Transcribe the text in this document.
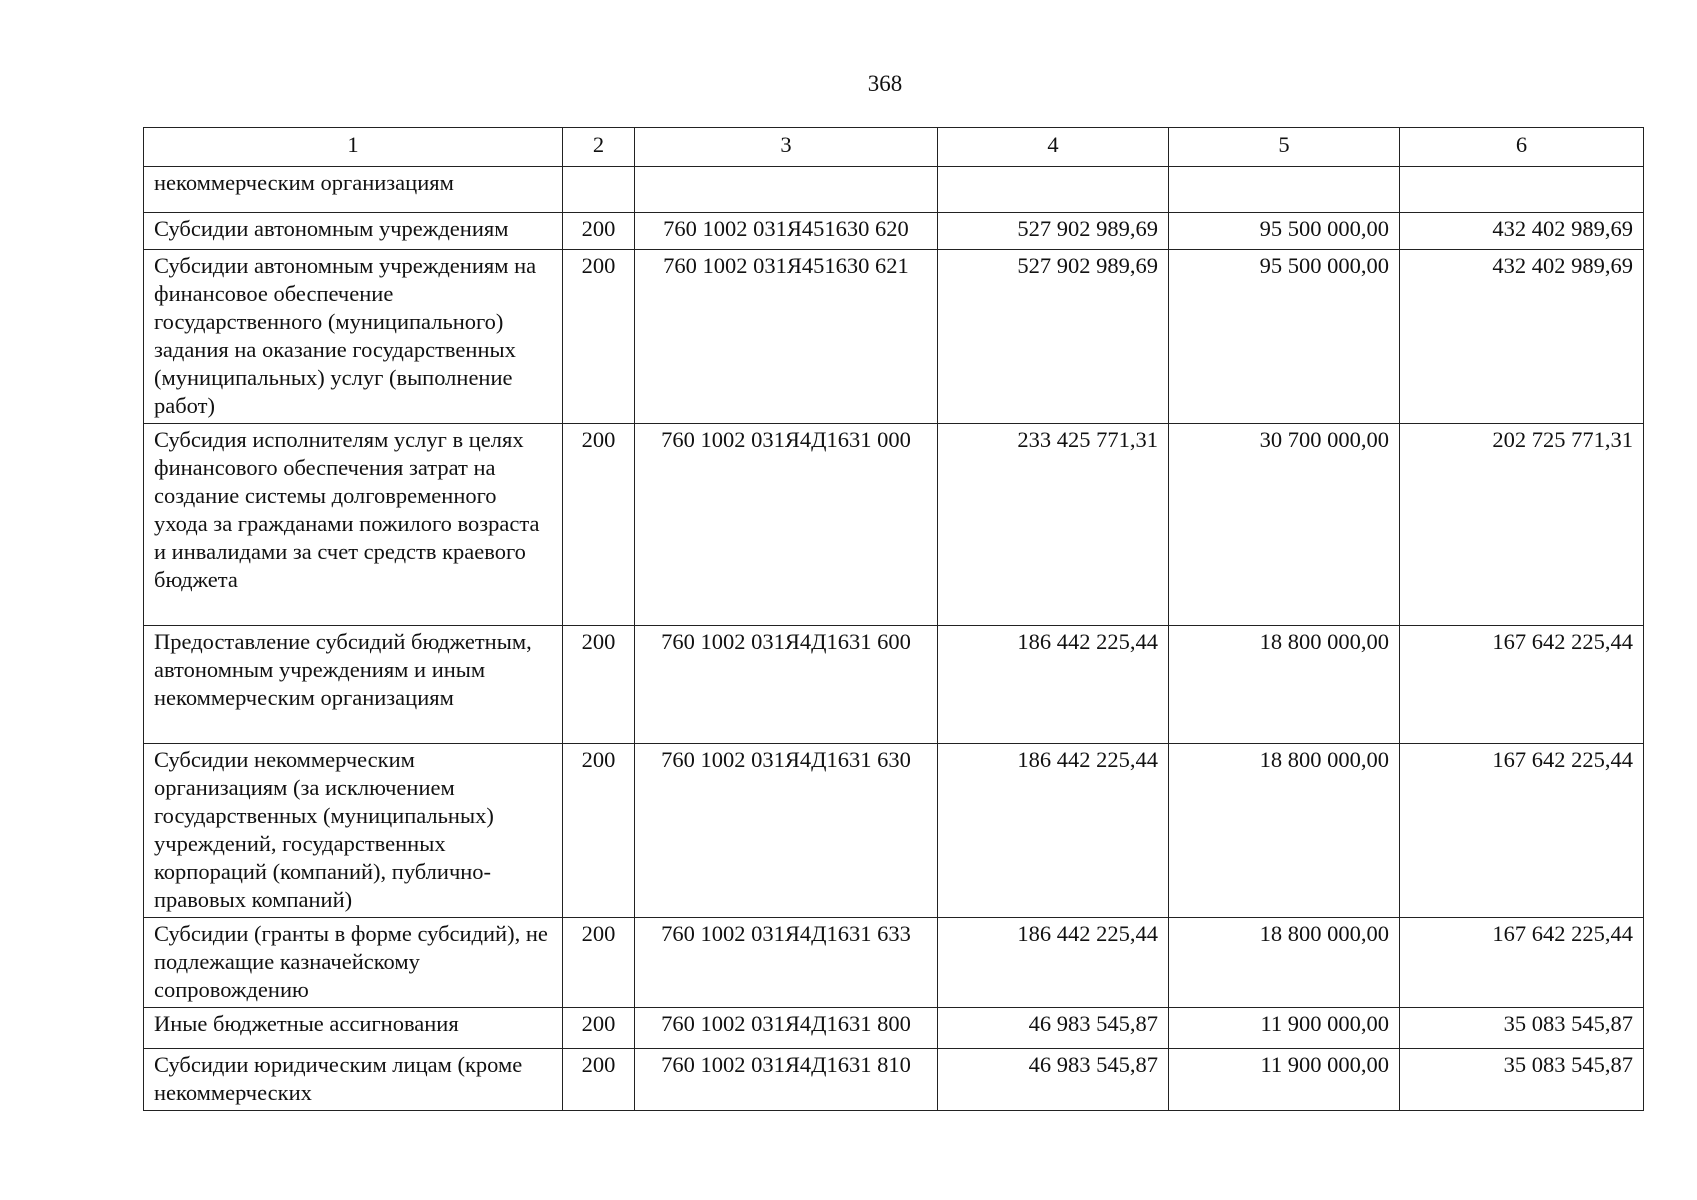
368
1	2	3	4	5	6
некоммерческим организациям					
Субсидии автономным учреждениям	200	760 1002 031Я451630 620	527 902 989,69	95 500 000,00	432 402 989,69
Субсидии автономным учреждениям на финансовое обеспечение государственного (муниципального) задания на оказание государственных (муниципальных) услуг (выполнение работ)	200	760 1002 031Я451630 621	527 902 989,69	95 500 000,00	432 402 989,69
Субсидия исполнителям услуг в целях финансового обеспечения затрат на создание системы долговременного ухода за гражданами пожилого возраста и инвалидами за счет средств краевого бюджета	200	760 1002 031Я4Д1631 000	233 425 771,31	30 700 000,00	202 725 771,31
Предоставление субсидий бюджетным, автономным учреждениям и иным некоммерческим организациям	200	760 1002 031Я4Д1631 600	186 442 225,44	18 800 000,00	167 642 225,44
Субсидии некоммерческим организациям (за исключением государственных (муниципальных) учреждений, государственных корпораций (компаний), публично-правовых компаний)	200	760 1002 031Я4Д1631 630	186 442 225,44	18 800 000,00	167 642 225,44
Субсидии (гранты в форме субсидий), не подлежащие казначейскому сопровождению	200	760 1002 031Я4Д1631 633	186 442 225,44	18 800 000,00	167 642 225,44
Иные бюджетные ассигнования	200	760 1002 031Я4Д1631 800	46 983 545,87	11 900 000,00	35 083 545,87
Субсидии юридическим лицам (кроме некоммерческих	200	760 1002 031Я4Д1631 810	46 983 545,87	11 900 000,00	35 083 545,87
